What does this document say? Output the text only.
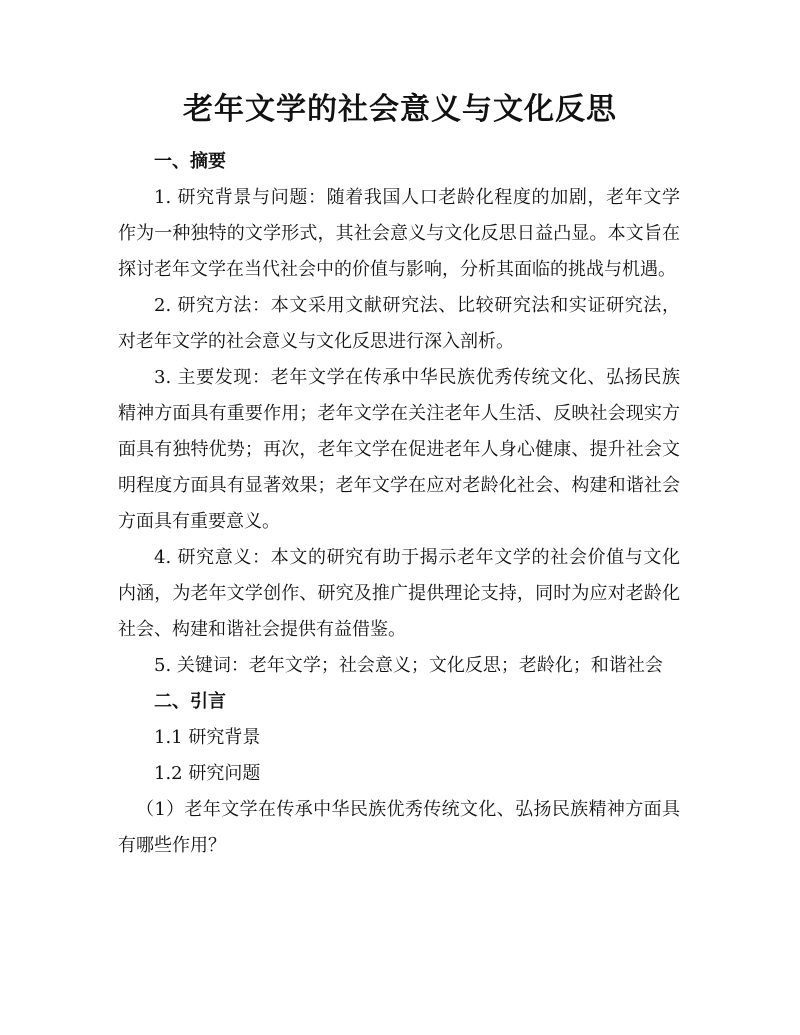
老年文学的社会意义与文化反思

一、摘要

1. 研究背景与问题：随着我国人口老龄化程度的加剧，老年文学作为一种独特的文学形式，其社会意义与文化反思日益凸显。本文旨在探讨老年文学在当代社会中的价值与影响，分析其面临的挑战与机遇。

2. 研究方法：本文采用文献研究法、比较研究法和实证研究法，对老年文学的社会意义与文化反思进行深入剖析。

3. 主要发现：老年文学在传承中华民族优秀传统文化、弘扬民族精神方面具有重要作用；老年文学在关注老年人生活、反映社会现实方面具有独特优势；再次，老年文学在促进老年人身心健康、提升社会文明程度方面具有显著效果；老年文学在应对老龄化社会、构建和谐社会方面具有重要意义。

4. 研究意义：本文的研究有助于揭示老年文学的社会价值与文化内涵，为老年文学创作、研究及推广提供理论支持，同时为应对老龄化社会、构建和谐社会提供有益借鉴。

5. 关键词：老年文学；社会意义；文化反思；老龄化；和谐社会

二、引言

1.1 研究背景

1.2 研究问题

（1）老年文学在传承中华民族优秀传统文化、弘扬民族精神方面具有哪些作用？
